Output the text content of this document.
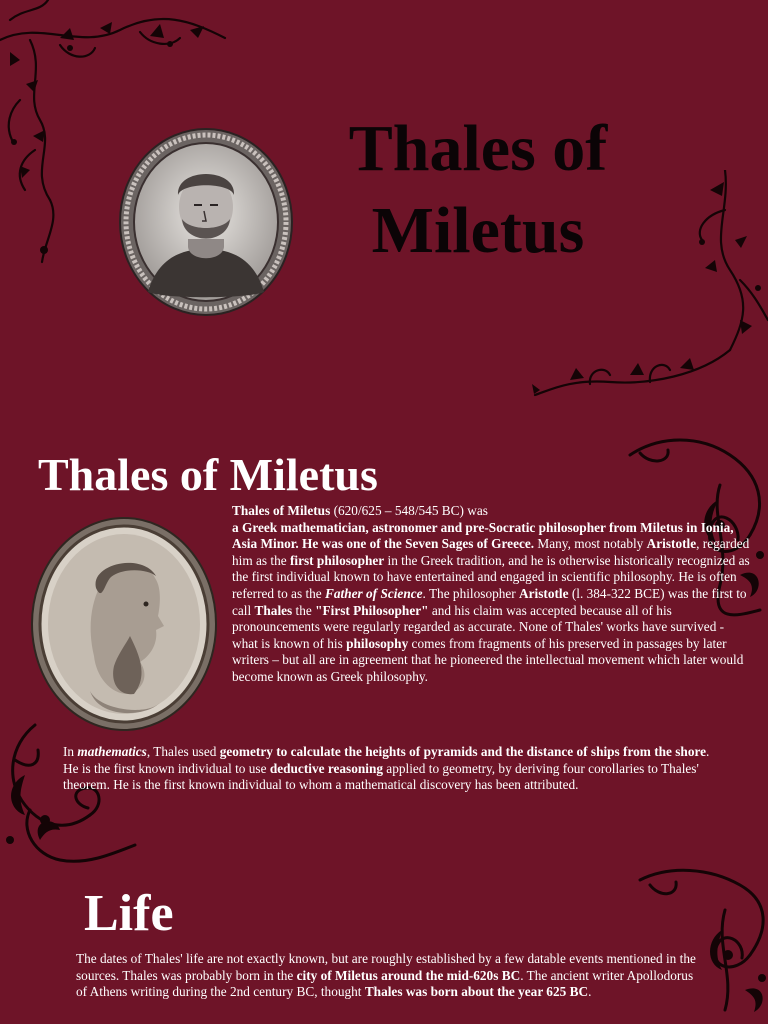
Thales of Miletus
Thales of Miletus

Thales of Miletus (620/625 – 548/545 BC) was
a Greek mathematician, astronomer and pre-Socratic philosopher from Miletus in Ionia, Asia Minor. He was one of the Seven Sages of Greece. Many, most notably Aristotle, regarded him as the first philosopher in the Greek tradition, and he is otherwise historically recognized as the first individual known to have entertained and engaged in scientific philosophy. He is often referred to as the Father of Science. The philosopher Aristotle (l. 384-322 BCE) was the first to call Thales the "First Philosopher" and his claim was accepted because all of his pronouncements were regularly regarded as accurate. None of Thales' works have survived - what is known of his philosophy comes from fragments of his preserved in passages by later writers – but all are in agreement that he pioneered the intellectual movement which later would become known as Greek philosophy.

In mathematics, Thales used geometry to calculate the heights of pyramids and the distance of ships from the shore. He is the first known individual to use deductive reasoning applied to geometry, by deriving four corollaries to Thales' theorem. He is the first known individual to whom a mathematical discovery has been attributed.

Life

The dates of Thales' life are not exactly known, but are roughly established by a few datable events mentioned in the sources. Thales was probably born in the city of Miletus around the mid-620s BC. The ancient writer Apollodorus of Athens writing during the 2nd century BC, thought Thales was born about the year 625 BC.
